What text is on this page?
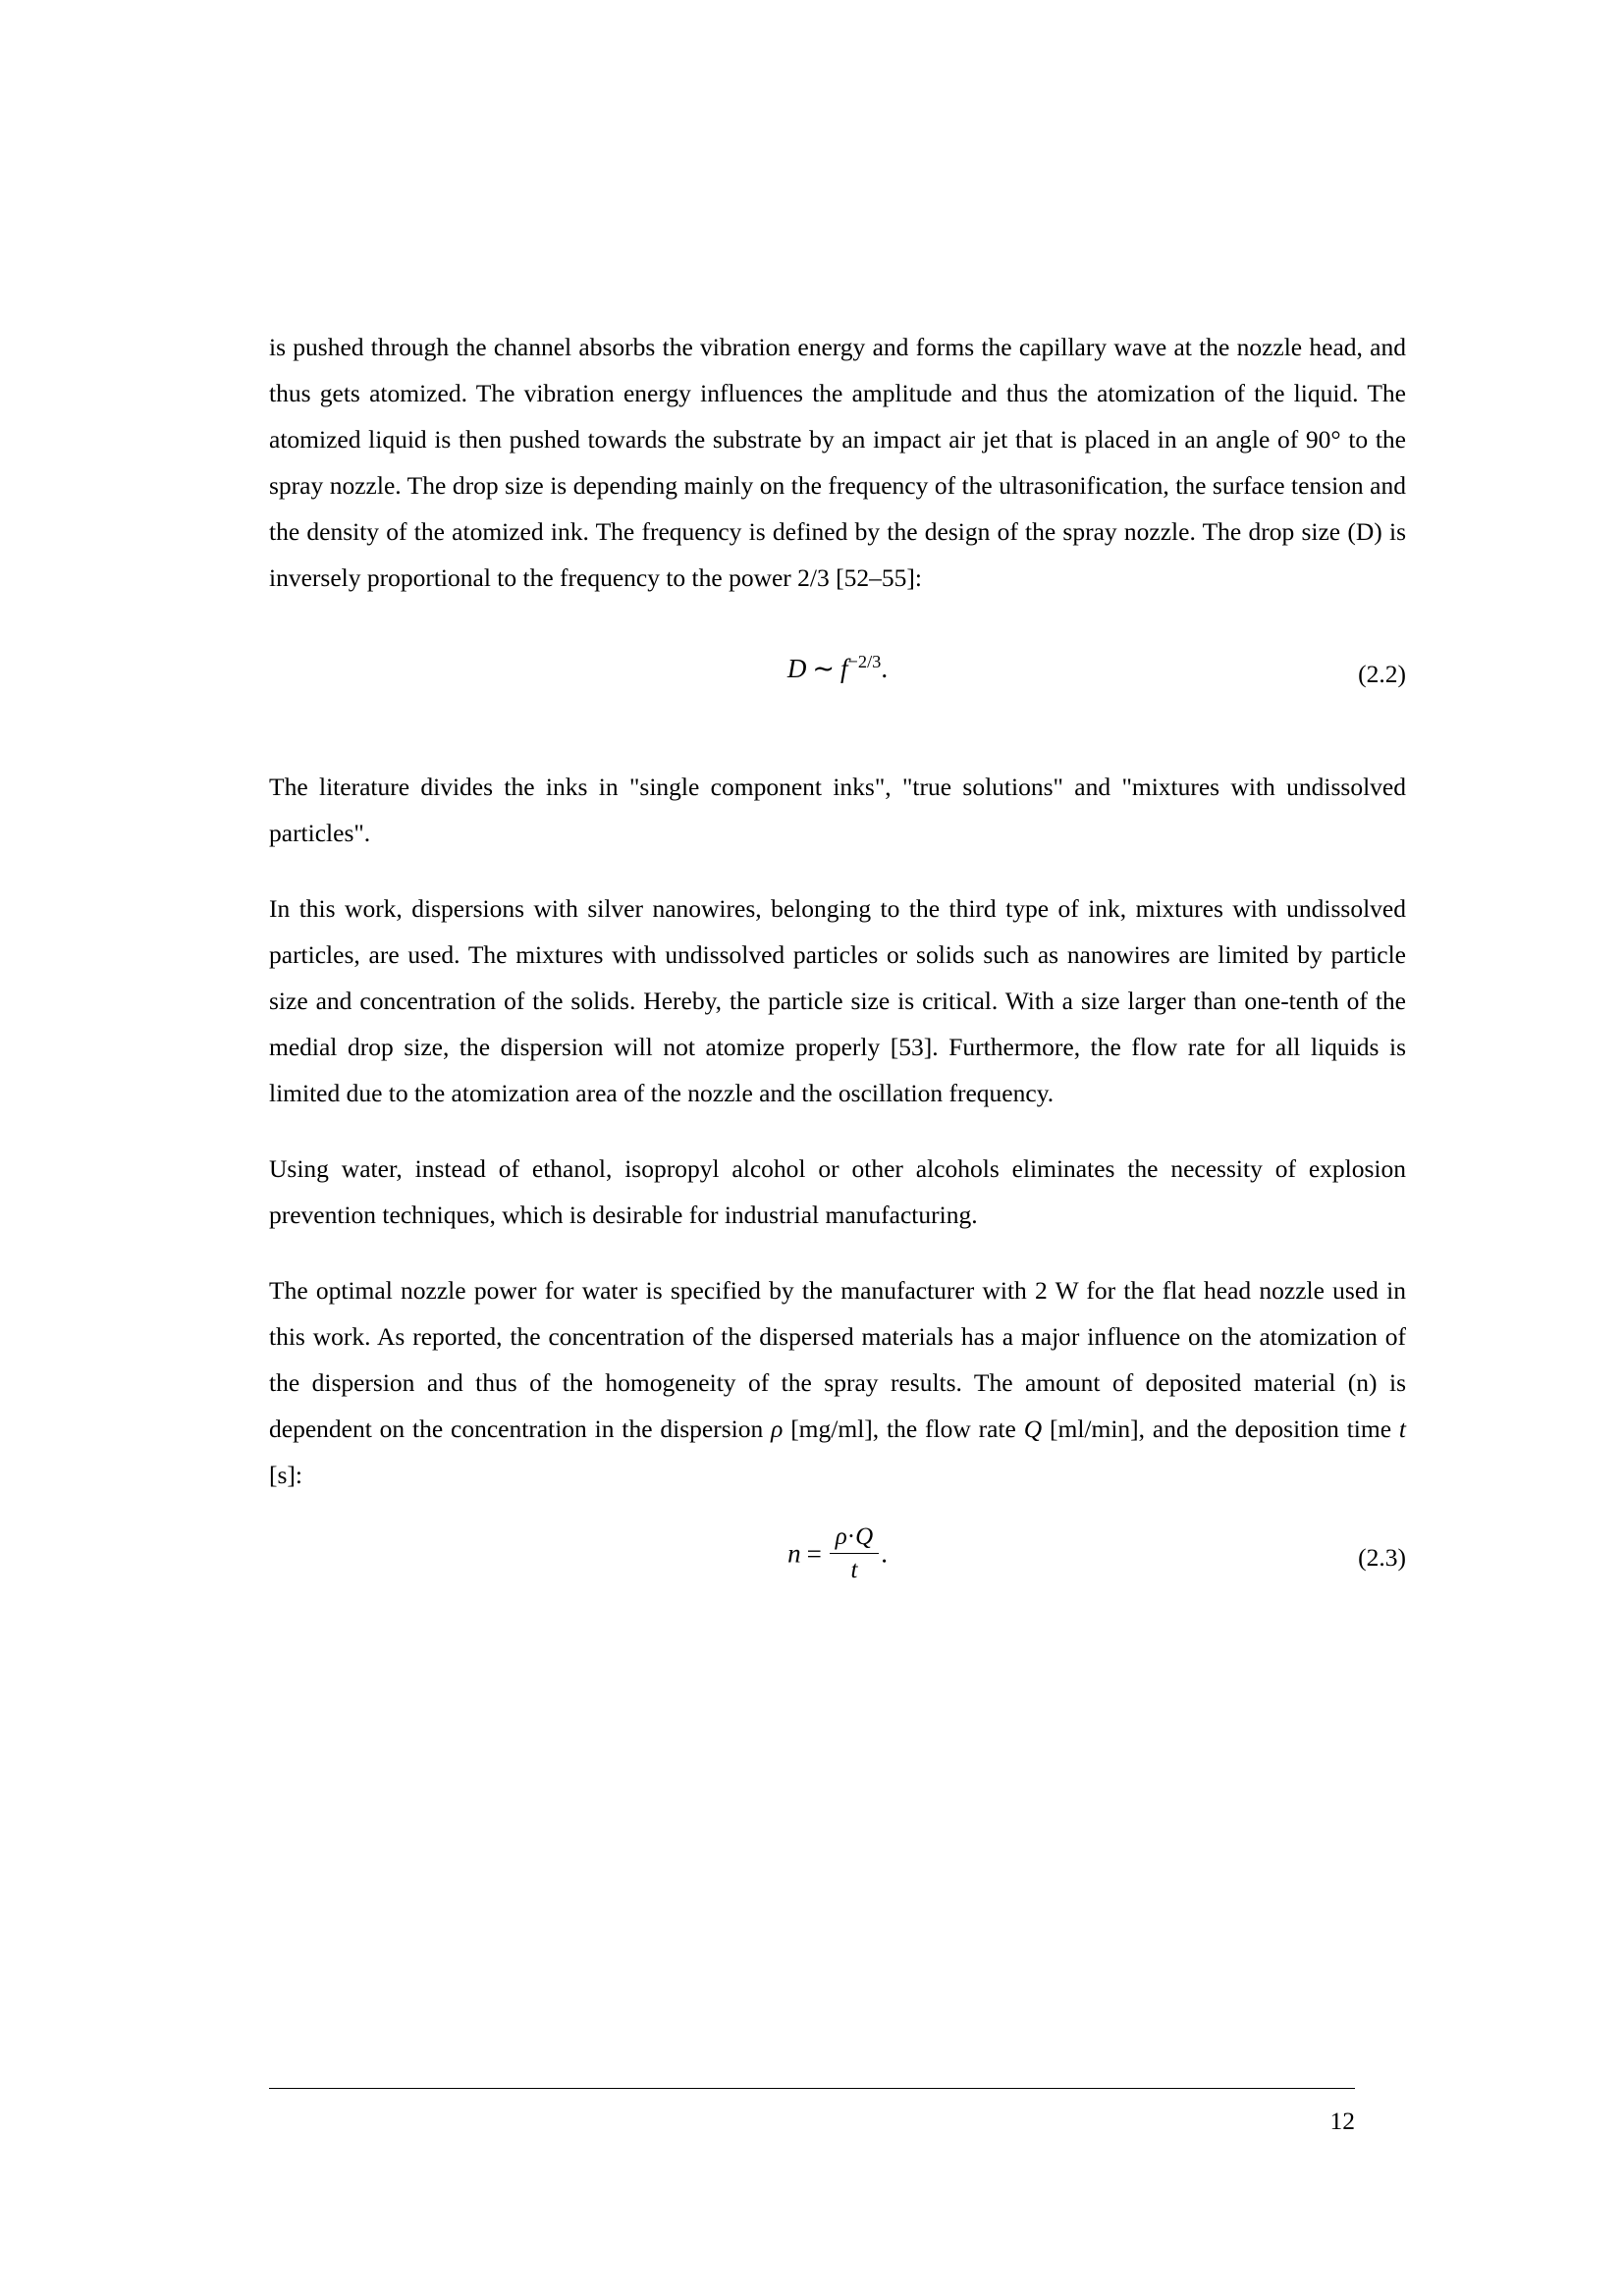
is pushed through the channel absorbs the vibration energy and forms the capillary wave at the nozzle head, and thus gets atomized. The vibration energy influences the amplitude and thus the atomization of the liquid. The atomized liquid is then pushed towards the substrate by an impact air jet that is placed in an angle of 90° to the spray nozzle. The drop size is depending mainly on the frequency of the ultrasonification, the surface tension and the density of the atomized ink. The frequency is defined by the design of the spray nozzle. The drop size (D) is inversely proportional to the frequency to the power 2/3 [52–55]:

D ∼ $f^{-2/3}$.	(2.2)

The literature divides the inks in "single component inks", "true solutions" and "mixtures with undissolved particles".

In this work, dispersions with silver nanowires, belonging to the third type of ink, mixtures with undissolved particles, are used. The mixtures with undissolved particles or solids such as nanowires are limited by particle size and concentration of the solids. Hereby, the particle size is critical. With a size larger than one-tenth of the medial drop size, the dispersion will not atomize properly [53]. Furthermore, the flow rate for all liquids is limited due to the atomization area of the nozzle and the oscillation frequency.

Using water, instead of ethanol, isopropyl alcohol or other alcohols eliminates the necessity of explosion prevention techniques, which is desirable for industrial manufacturing.

The optimal nozzle power for water is specified by the manufacturer with 2 W for the flat head nozzle used in this work. As reported, the concentration of the dispersed materials has a major influence on the atomization of the dispersion and thus of the homogeneity of the spray results. The amount of deposited material (n) is dependent on the concentration in the dispersion ρ [mg/ml], the flow rate Q [ml/min], and the deposition time t [s]:

$n = \frac{\rho\cdot Q}{t}$ .	(2.3)
12
